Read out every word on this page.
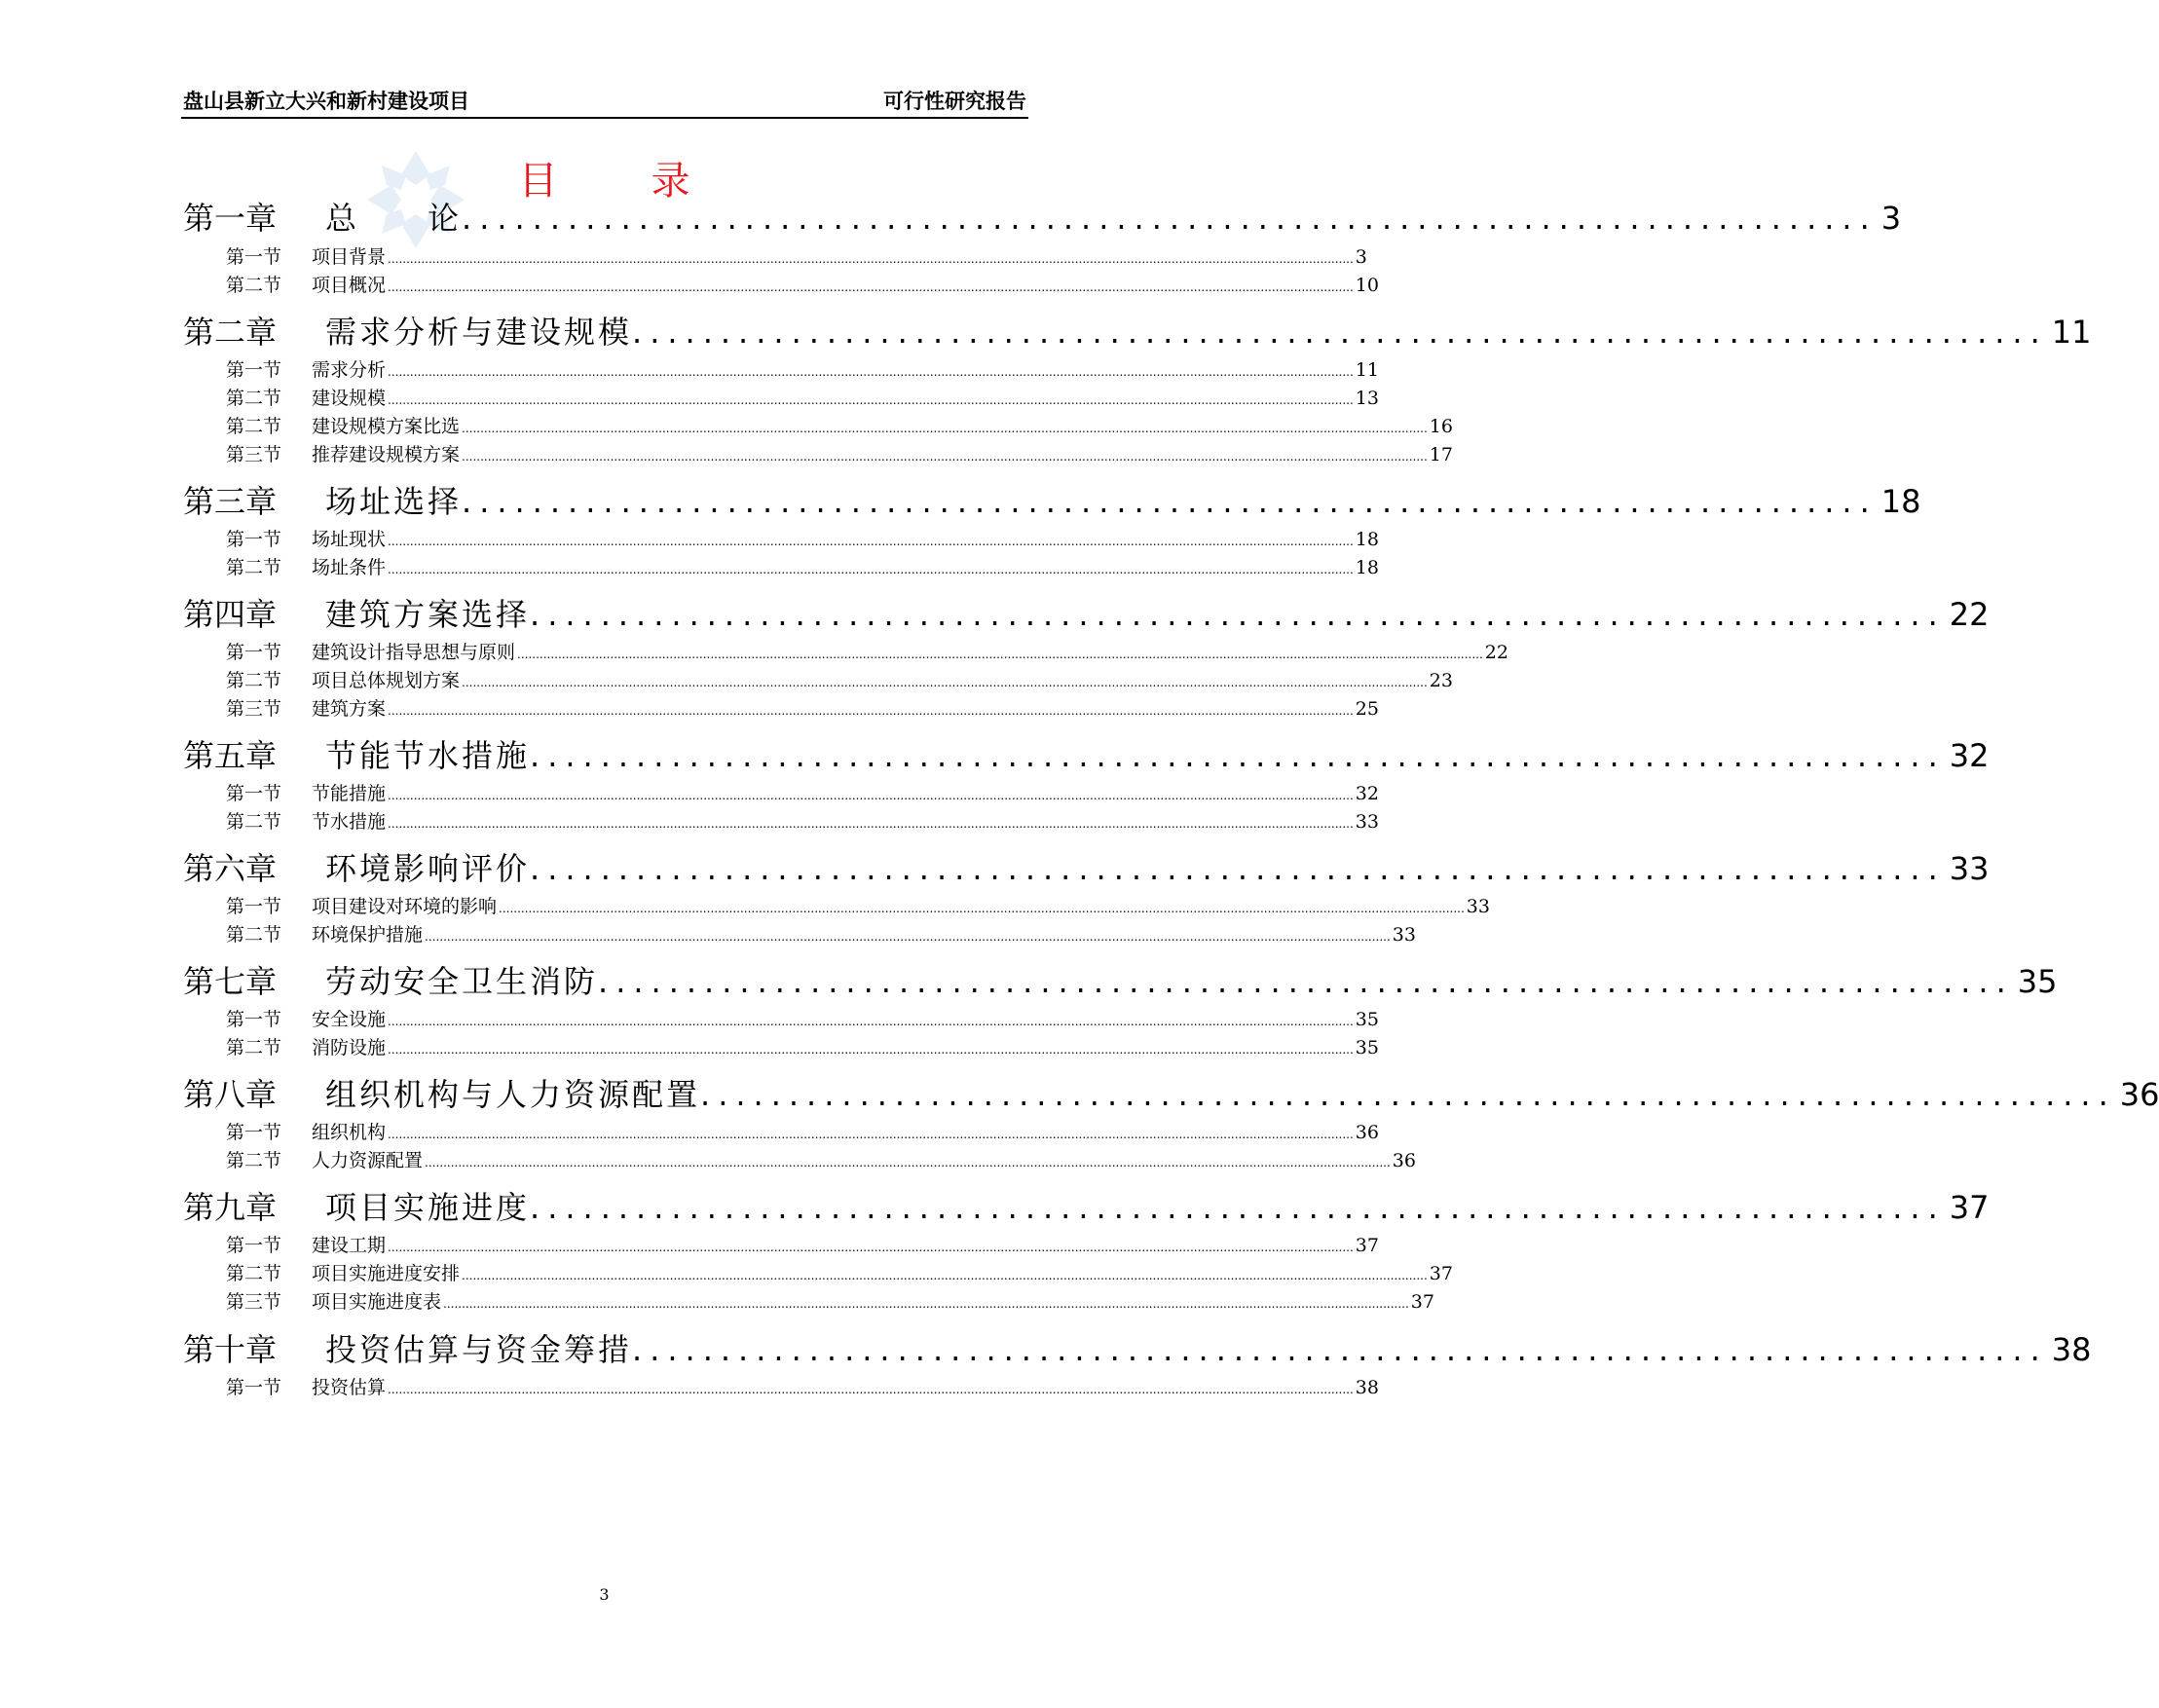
盘山县新立大兴和新村建设项目	可行性研究报告
目录
第一章	总　　论 ................................................................................ 3
第一节	项目背景 .................................................................................................................................................................................................................................................................... 3
第二节	项目概况 .................................................................................................................................................................................................................................................................... 10
第二章	需求分析与建设规模 ................................................................................ 11
第一节	需求分析 .................................................................................................................................................................................................................................................................... 11
第二节	建设规模 .................................................................................................................................................................................................................................................................... 13
第二节	建设规模方案比选 .................................................................................................................................................................................................................................................................... 16
第三节	推荐建设规模方案 .................................................................................................................................................................................................................................................................... 17
第三章	场址选择 ................................................................................ 18
第一节	场址现状 .................................................................................................................................................................................................................................................................... 18
第二节	场址条件 .................................................................................................................................................................................................................................................................... 18
第四章	建筑方案选择 ................................................................................ 22
第一节	建筑设计指导思想与原则 .................................................................................................................................................................................................................................................................... 22
第二节	项目总体规划方案 .................................................................................................................................................................................................................................................................... 23
第三节	建筑方案 .................................................................................................................................................................................................................................................................... 25
第五章	节能节水措施 ................................................................................ 32
第一节	节能措施 .................................................................................................................................................................................................................................................................... 32
第二节	节水措施 .................................................................................................................................................................................................................................................................... 33
第六章	环境影响评价 ................................................................................ 33
第一节	项目建设对环境的影响 .................................................................................................................................................................................................................................................................... 33
第二节	环境保护措施 .................................................................................................................................................................................................................................................................... 33
第七章	劳动安全卫生消防 ................................................................................ 35
第一节	安全设施 .................................................................................................................................................................................................................................................................... 35
第二节	消防设施 .................................................................................................................................................................................................................................................................... 35
第八章	组织机构与人力资源配置 ................................................................................ 36
第一节	组织机构 .................................................................................................................................................................................................................................................................... 36
第二节	人力资源配置 .................................................................................................................................................................................................................................................................... 36
第九章	项目实施进度 ................................................................................ 37
第一节	建设工期 .................................................................................................................................................................................................................................................................... 37
第二节	项目实施进度安排 .................................................................................................................................................................................................................................................................... 37
第三节	项目实施进度表 .................................................................................................................................................................................................................................................................... 37
第十章	投资估算与资金筹措 ................................................................................ 38
第一节	投资估算 .................................................................................................................................................................................................................................................................... 38
3
